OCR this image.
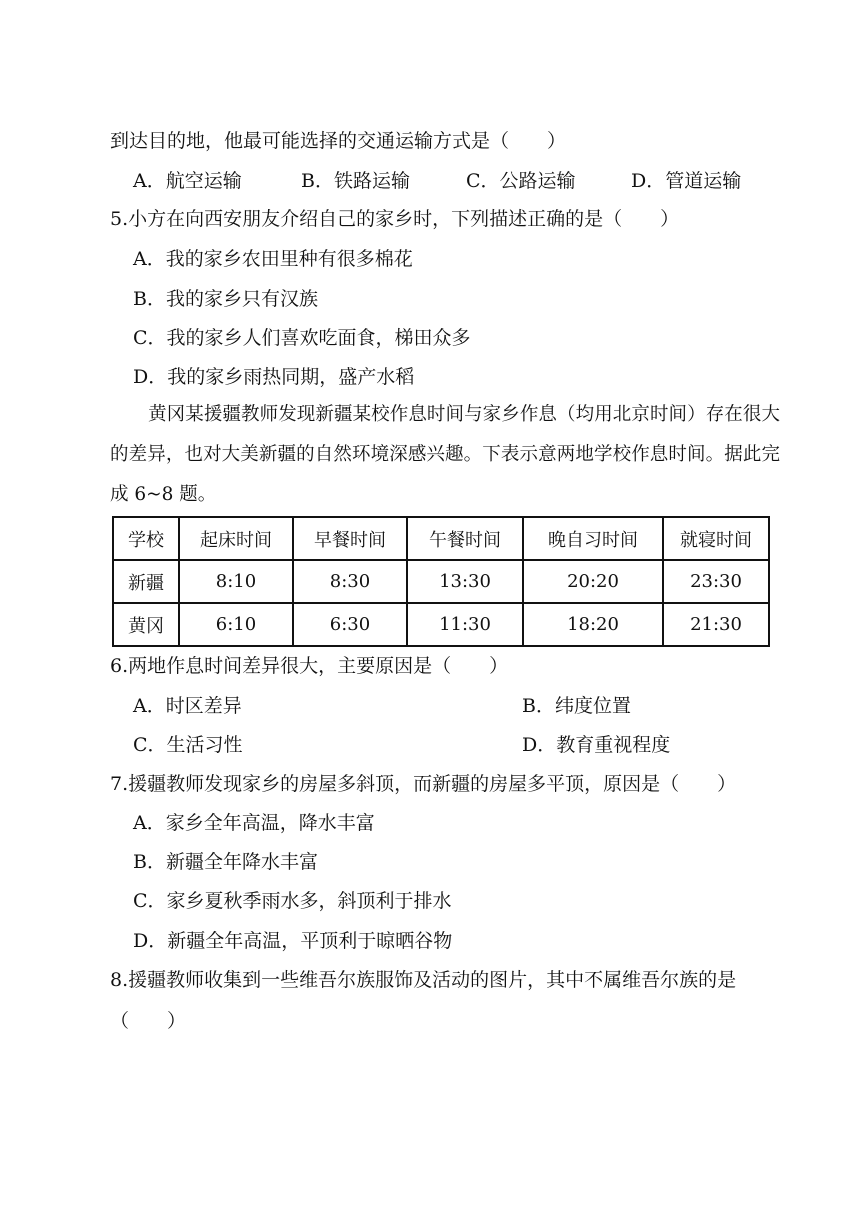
到达目的地，他最可能选择的交通运输方式是（　　）
A．航空运输	B．铁路运输	C．公路运输	D．管道运输
5.小方在向西安朋友介绍自己的家乡时，下列描述正确的是（　　）
A．我的家乡农田里种有很多棉花
B．我的家乡只有汉族
C．我的家乡人们喜欢吃面食，梯田众多
D．我的家乡雨热同期，盛产水稻
黄冈某援疆教师发现新疆某校作息时间与家乡作息（均用北京时间）存在很大的差异，也对大美新疆的自然环境深感兴趣。下表示意两地学校作息时间。据此完成 6~8 题。
学校	起床时间	早餐时间	午餐时间	晚自习时间	就寝时间
新疆	8:10	8:30	13:30	20:20	23:30
黄冈	6:10	6:30	11:30	18:20	21:30
6.两地作息时间差异很大，主要原因是（　　）
A．时区差异	B．纬度位置
C．生活习性	D．教育重视程度
7.援疆教师发现家乡的房屋多斜顶，而新疆的房屋多平顶，原因是（　　）
A．家乡全年高温，降水丰富
B．新疆全年降水丰富
C．家乡夏秋季雨水多，斜顶利于排水
D．新疆全年高温，平顶利于晾晒谷物
8.援疆教师收集到一些维吾尔族服饰及活动的图片，其中不属维吾尔族的是
（　　）
